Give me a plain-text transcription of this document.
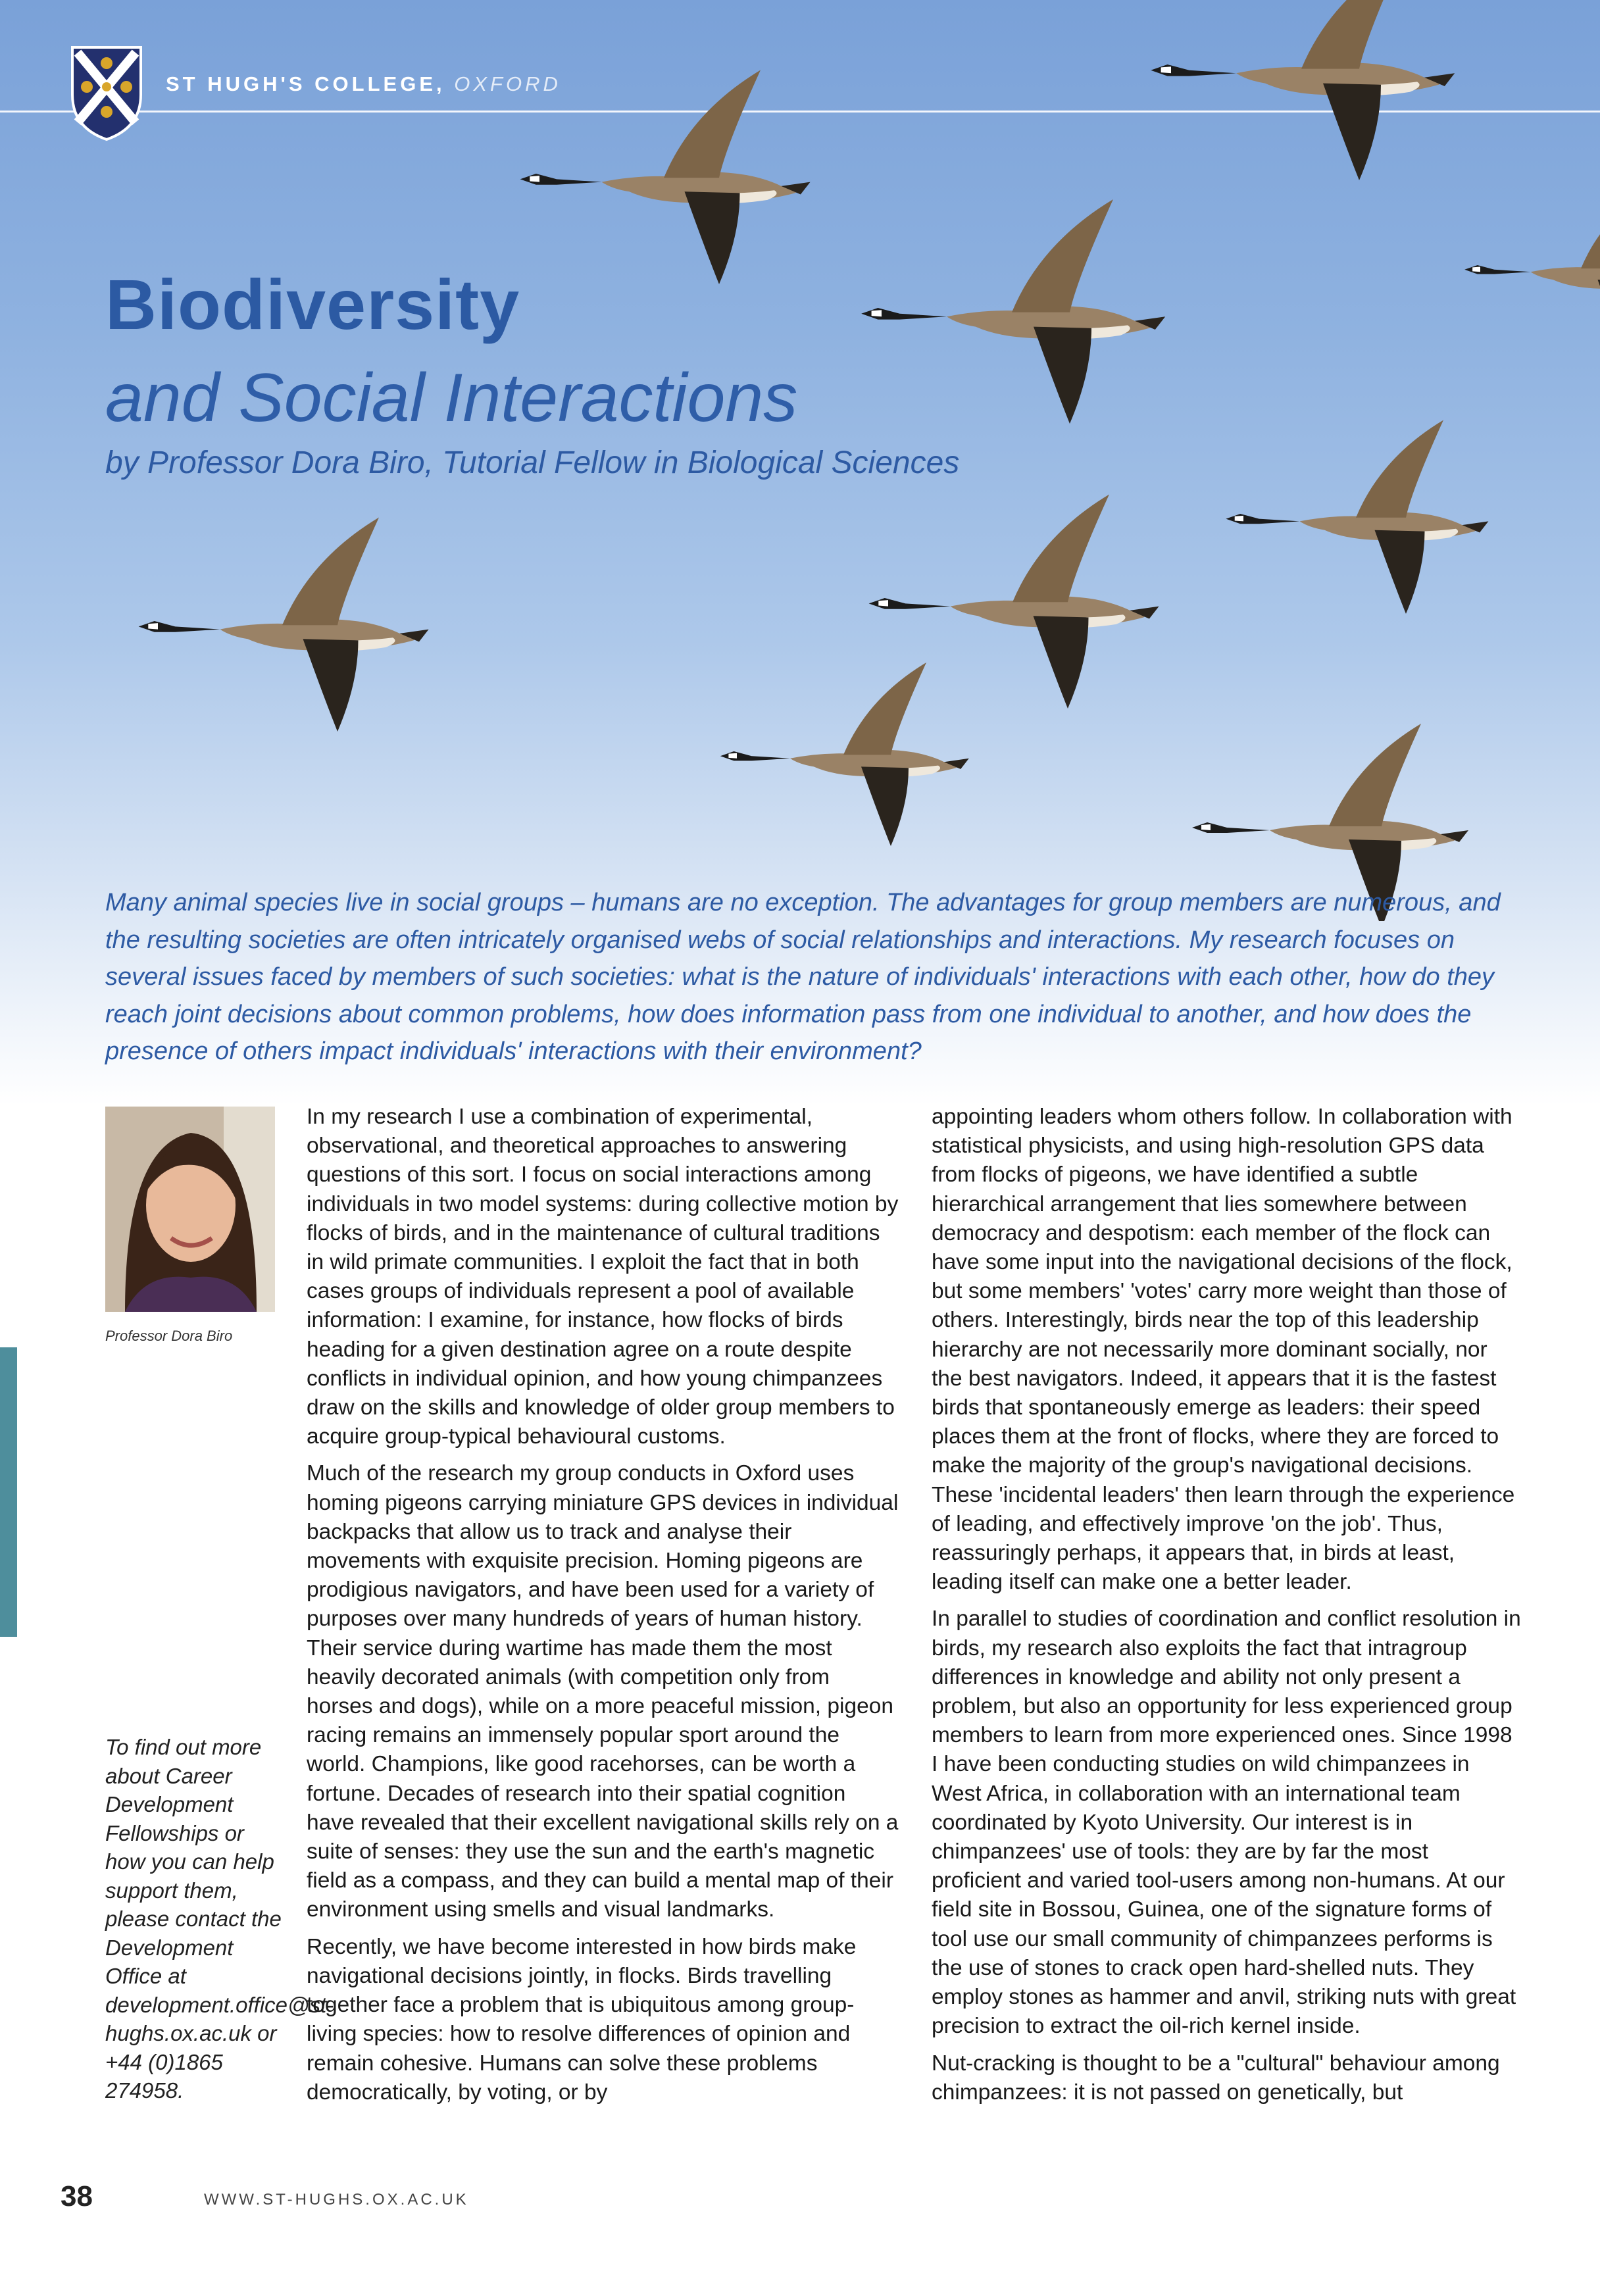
ST HUGH'S COLLEGE, OXFORD
Biodiversity
and Social Interactions
by Professor Dora Biro, Tutorial Fellow in Biological Sciences
Many animal species live in social groups – humans are no exception. The advantages for group members are numerous, and the resulting societies are often intricately organised webs of social relationships and interactions. My research focuses on several issues faced by members of such societies: what is the nature of individuals' interactions with each other, how do they reach joint decisions about common problems, how does information pass from one individual to another, and how does the presence of others impact individuals' interactions with their environment?
Professor Dora Biro
To find out more about Career Development Fellowships or how you can help support them, please contact the Development Office at development.office@st-hughs.ox.ac.uk or +44 (0)1865 274958.

In my research I use a combination of experimental, observational, and theoretical approaches to answering questions of this sort. I focus on social interactions among individuals in two model systems: during collective motion by flocks of birds, and in the maintenance of cultural traditions in wild primate communities. I exploit the fact that in both cases groups of individuals represent a pool of available information: I examine, for instance, how flocks of birds heading for a given destination agree on a route despite conflicts in individual opinion, and how young chimpanzees draw on the skills and knowledge of older group members to acquire group-typical behavioural customs.

Much of the research my group conducts in Oxford uses homing pigeons carrying miniature GPS devices in individual backpacks that allow us to track and analyse their movements with exquisite precision. Homing pigeons are prodigious navigators, and have been used for a variety of purposes over many hundreds of years of human history. Their service during wartime has made them the most heavily decorated animals (with competition only from horses and dogs), while on a more peaceful mission, pigeon racing remains an immensely popular sport around the world. Champions, like good racehorses, can be worth a fortune. Decades of research into their spatial cognition have revealed that their excellent navigational skills rely on a suite of senses: they use the sun and the earth's magnetic field as a compass, and they can build a mental map of their environment using smells and visual landmarks.

Recently, we have become interested in how birds make navigational decisions jointly, in flocks. Birds travelling together face a problem that is ubiquitous among group-living species: how to resolve differences of opinion and remain cohesive. Humans can solve these problems democratically, by voting, or by

appointing leaders whom others follow. In collaboration with statistical physicists, and using high-resolution GPS data from flocks of pigeons, we have identified a subtle hierarchical arrangement that lies somewhere between democracy and despotism: each member of the flock can have some input into the navigational decisions of the flock, but some members' 'votes' carry more weight than those of others. Interestingly, birds near the top of this leadership hierarchy are not necessarily more dominant socially, nor the best navigators. Indeed, it appears that it is the fastest birds that spontaneously emerge as leaders: their speed places them at the front of flocks, where they are forced to make the majority of the group's navigational decisions. These 'incidental leaders' then learn through the experience of leading, and effectively improve 'on the job'. Thus, reassuringly perhaps, it appears that, in birds at least, leading itself can make one a better leader.

In parallel to studies of coordination and conflict resolution in birds, my research also exploits the fact that intragroup differences in knowledge and ability not only present a problem, but also an opportunity for less experienced group members to learn from more experienced ones. Since 1998 I have been conducting studies on wild chimpanzees in West Africa, in collaboration with an international team coordinated by Kyoto University. Our interest is in chimpanzees' use of tools: they are by far the most proficient and varied tool-users among non-humans. At our field site in Bossou, Guinea, one of the signature forms of tool use our small community of chimpanzees performs is the use of stones to crack open hard-shelled nuts. They employ stones as hammer and anvil, striking nuts with great precision to extract the oil-rich kernel inside.

Nut-cracking is thought to be a "cultural" behaviour among chimpanzees: it is not passed on genetically, but

38	WWW.ST-HUGHS.OX.AC.UK
